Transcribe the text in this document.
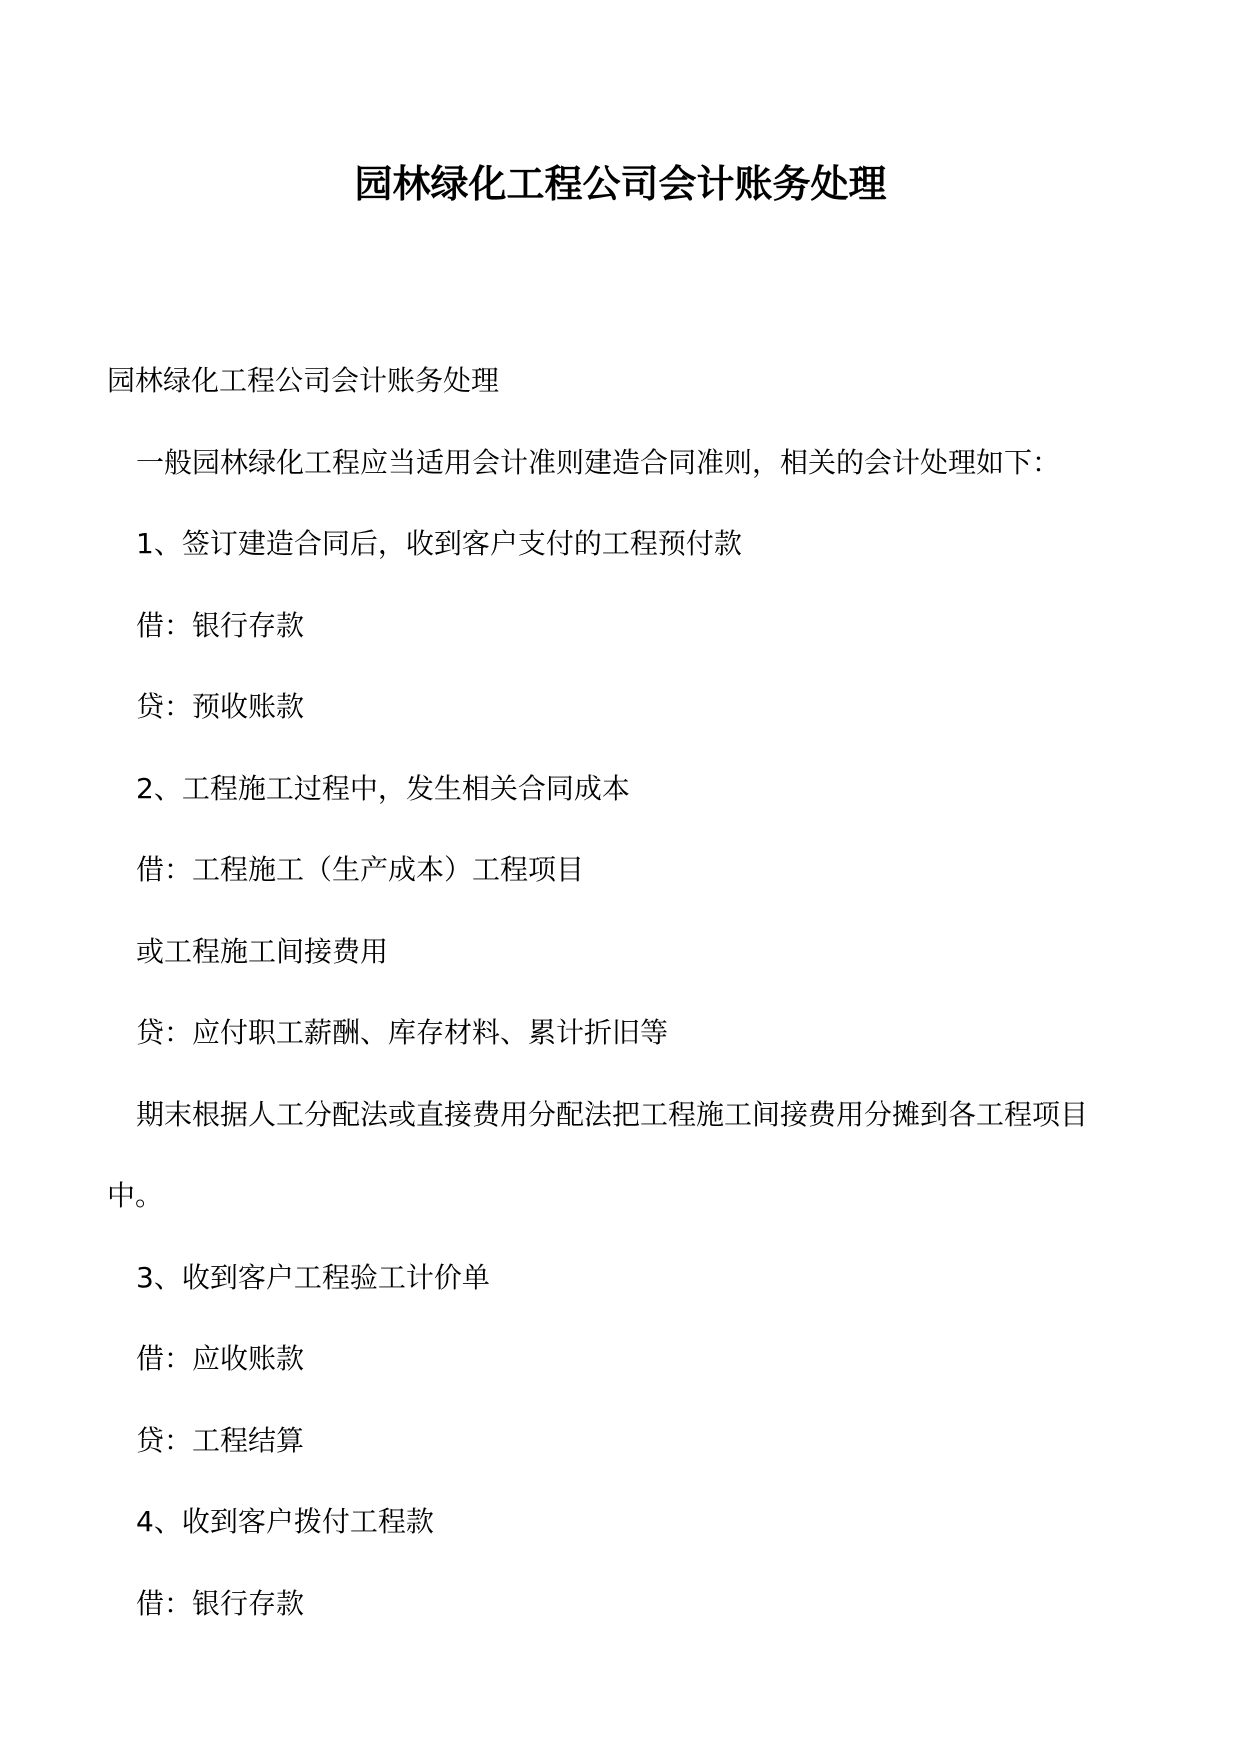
园林绿化工程公司会计账务处理

园林绿化工程公司会计账务处理

一般园林绿化工程应当适用会计准则建造合同准则，相关的会计处理如下：

1、签订建造合同后，收到客户支付的工程预付款

借：银行存款

贷：预收账款

2、工程施工过程中，发生相关合同成本

借：工程施工（生产成本）工程项目

或工程施工间接费用

贷：应付职工薪酬、库存材料、累计折旧等

期末根据人工分配法或直接费用分配法把工程施工间接费用分摊到各工程项目中。

3、收到客户工程验工计价单

借：应收账款

贷：工程结算

4、收到客户拨付工程款

借：银行存款
